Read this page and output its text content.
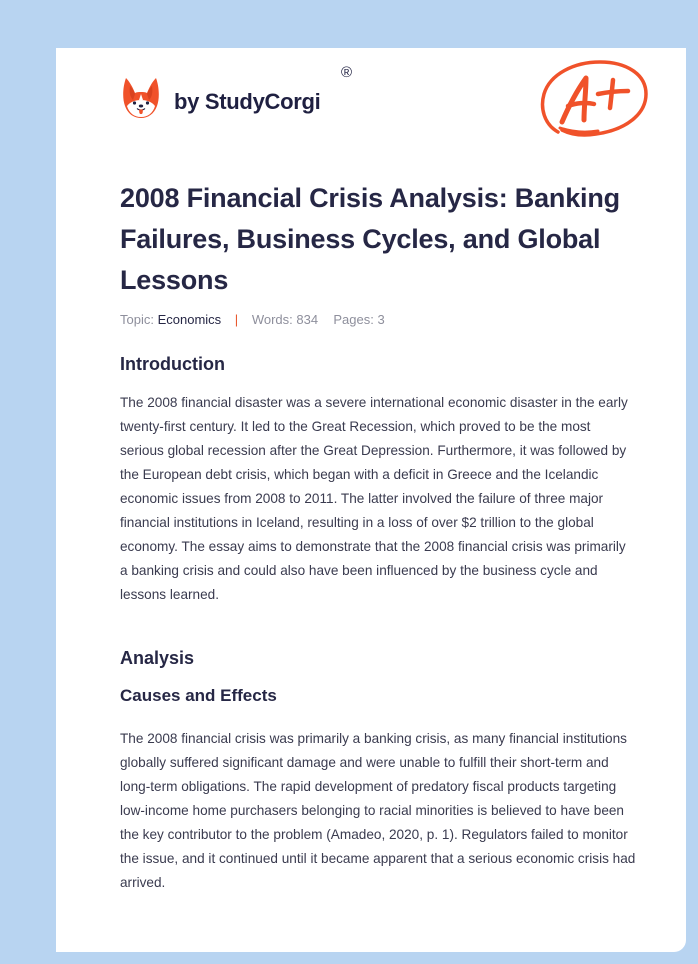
by StudyCorgi
®
2008 Financial Crisis Analysis: Banking Failures, Business Cycles, and Global Lessons
Topic: Economics | Words: 834 Pages: 3
Introduction

The 2008 financial disaster was a severe international economic disaster in the early twenty-first century. It led to the Great Recession, which proved to be the most serious global recession after the Great Depression. Furthermore, it was followed by the European debt crisis, which began with a deficit in Greece and the Icelandic economic issues from 2008 to 2011. The latter involved the failure of three major financial institutions in Iceland, resulting in a loss of over $2 trillion to the global economy. The essay aims to demonstrate that the 2008 financial crisis was primarily a banking crisis and could also have been influenced by the business cycle and lessons learned.

Analysis
Causes and Effects

The 2008 financial crisis was primarily a banking crisis, as many financial institutions globally suffered significant damage and were unable to fulfill their short-term and long-term obligations. The rapid development of predatory fiscal products targeting low-income home purchasers belonging to racial minorities is believed to have been the key contributor to the problem (Amadeo, 2020, p. 1). Regulators failed to monitor the issue, and it continued until it became apparent that a serious economic crisis had arrived.
